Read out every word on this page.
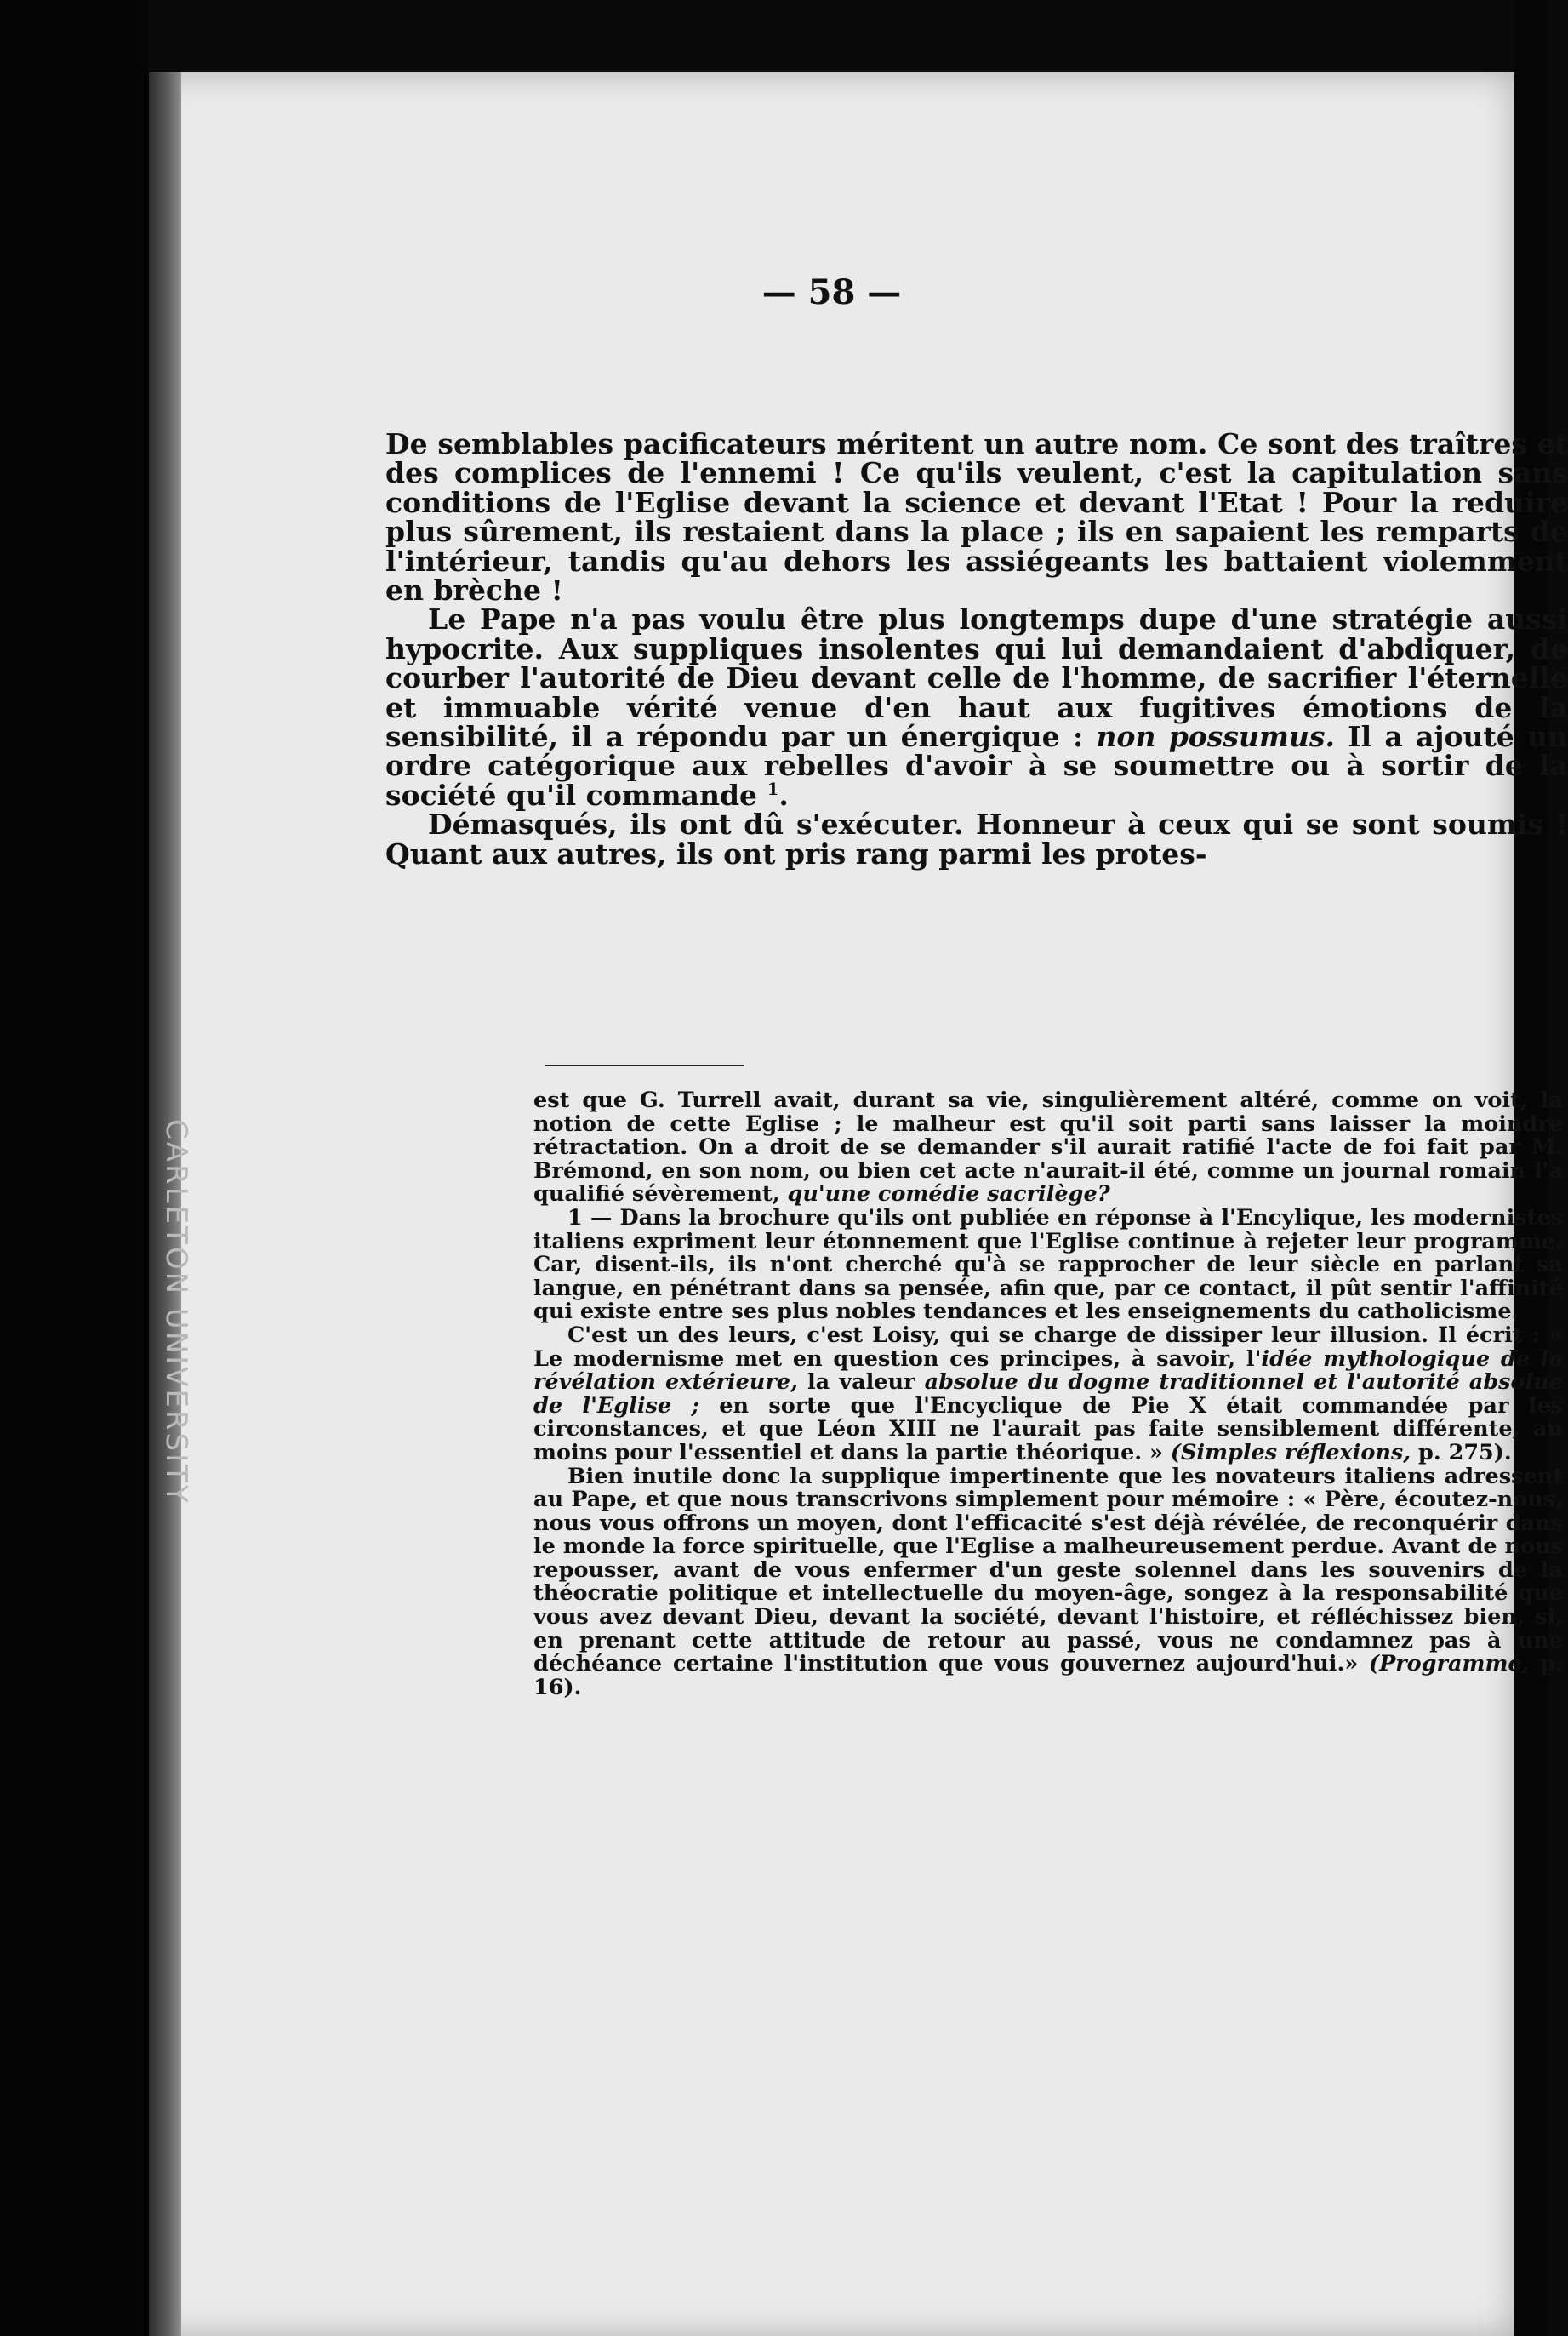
CARLETON UNIVERSITY
— 58 —

De semblables pacificateurs méritent un autre nom. Ce sont des traîtres et des complices de l'ennemi ! Ce qu'ils veulent, c'est la capitulation sans conditions de l'Eglise devant la science et devant l'Etat ! Pour la reduire plus sûrement, ils restaient dans la place ; ils en sapaient les remparts de l'intérieur, tandis qu'au dehors les assiégeants les battaient violemment en brèche !

Le Pape n'a pas voulu être plus longtemps dupe d'une stratégie aussi hypocrite. Aux suppliques insolentes qui lui demandaient d'abdiquer, de courber l'autorité de Dieu devant celle de l'homme, de sacrifier l'éternelle et immuable vérité venue d'en haut aux fugitives émotions de la sensibilité, il a répondu par un énergique : non possumus. Il a ajouté un ordre catégorique aux rebelles d'avoir à se soumettre ou à sortir de la société qu'il commande $^1$.

Démasqués, ils ont dû s'exécuter. Honneur à ceux qui se sont soumis ! Quant aux autres, ils ont pris rang parmi les protes-

est que G. Turrell avait, durant sa vie, singulièrement altéré, comme on voit, la notion de cette Eglise ; le malheur est qu'il soit parti sans laisser la moindre rétractation. On a droit de se demander s'il aurait ratifié l'acte de foi fait par M. Brémond, en son nom, ou bien cet acte n'aurait-il été, comme un journal romain l'a qualifié sévèrement, qu'une comédie sacrilège?

1 — Dans la brochure qu'ils ont publiée en réponse à l'Encylique, les modernistes italiens expriment leur étonnement que l'Eglise continue à rejeter leur programme. Car, disent-ils, ils n'ont cherché qu'à se rapprocher de leur siècle en parlant sa langue, en pénétrant dans sa pensée, afin que, par ce contact, il pût sentir l'affinité qui existe entre ses plus nobles tendances et les enseignements du catholicisme.

C'est un des leurs, c'est Loisy, qui se charge de dissiper leur illusion. Il écrit : « Le modernisme met en question ces principes, à savoir, l'idée mythologique de la révélation extérieure, la valeur absolue du dogme traditionnel et l'autorité absolue de l'Eglise ; en sorte que l'Encyclique de Pie X était commandée par les circonstances, et que Léon XIII ne l'aurait pas faite sensiblement différente, au moins pour l'essentiel et dans la partie théorique. » (Simples réflexions, p. 275).

Bien inutile donc la supplique impertinente que les novateurs italiens adressent au Pape, et que nous transcrivons simplement pour mémoire : « Père, écoutez-nous, nous vous offrons un moyen, dont l'efficacité s'est déjà révélée, de reconquérir dans le monde la force spirituelle, que l'Eglise a malheureusement perdue. Avant de nous repousser, avant de vous enfermer d'un geste solennel dans les souvenirs de la théocratie politique et intellectuelle du moyen-âge, songez à la responsabilité que vous avez devant Dieu, devant la société, devant l'histoire, et réfléchissez bien, si, en prenant cette attitude de retour au passé, vous ne condamnez pas à une déchéance certaine l'institution que vous gouvernez aujourd'hui.» (Programme, p. 16).
